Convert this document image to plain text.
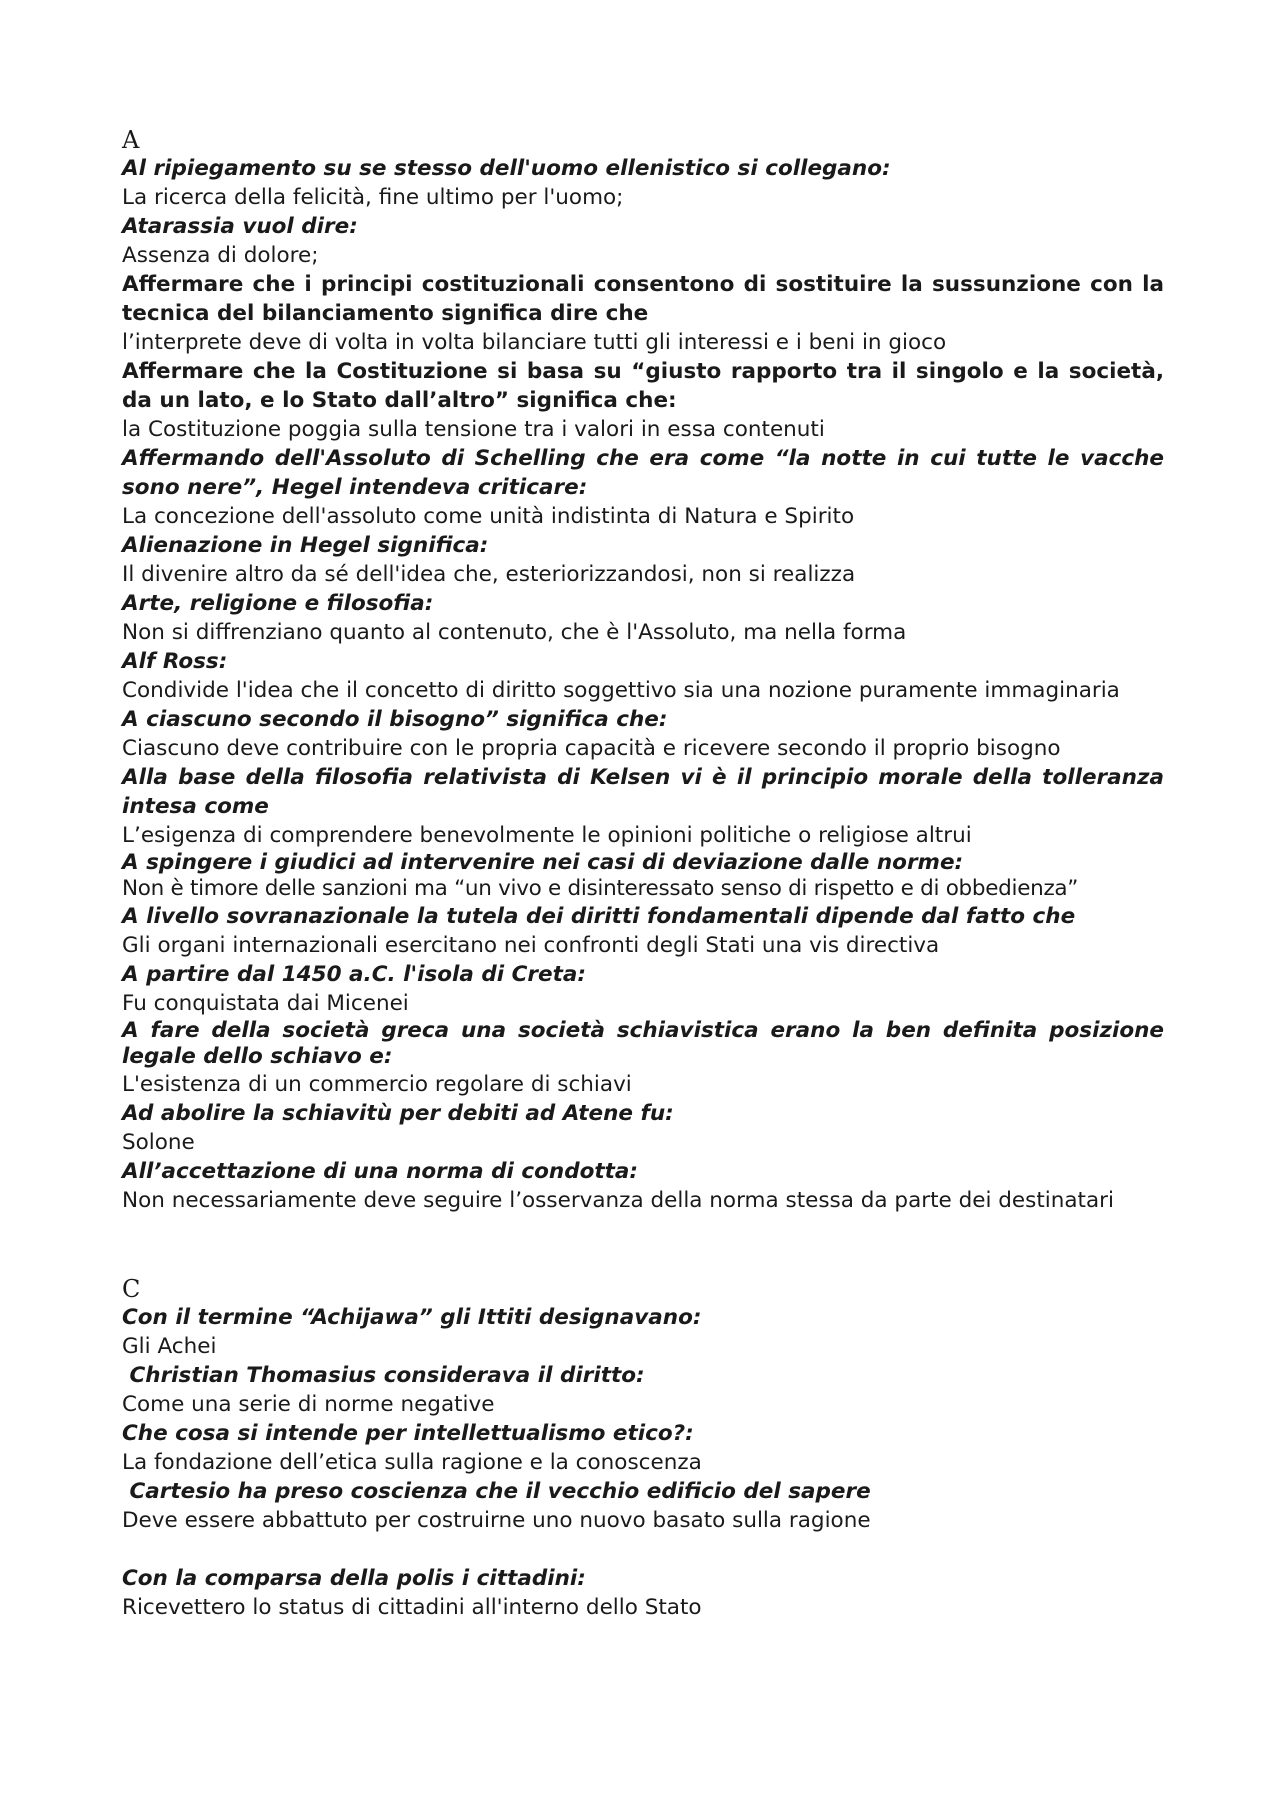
A
Al ripiegamento su se stesso dell'uomo ellenistico si collegano:
La ricerca della felicità, fine ultimo per l'uomo;
Atarassia vuol dire:
Assenza di dolore;
Affermare che i principi costituzionali consentono di sostituire la sussunzione con la tecnica del bilanciamento significa dire che
l’interprete deve di volta in volta bilanciare tutti gli interessi e i beni in gioco
Affermare che la Costituzione si basa su “giusto rapporto tra il singolo e la società, da un lato, e lo Stato dall’altro” significa che:
la Costituzione poggia sulla tensione tra i valori in essa contenuti
Affermando dell'Assoluto di Schelling che era come “la notte in cui tutte le vacche sono nere”, Hegel intendeva criticare:
La concezione dell'assoluto come unità indistinta di Natura e Spirito
Alienazione in Hegel significa:
Il divenire altro da sé dell'idea che, esteriorizzandosi, non si realizza
Arte, religione e filosofia:
Non si diffrenziano quanto al contenuto, che è l'Assoluto, ma nella forma
Alf Ross:
Condivide l'idea che il concetto di diritto soggettivo sia una nozione puramente immaginaria
A ciascuno secondo il bisogno” significa che:
Ciascuno deve contribuire con le propria capacità e ricevere secondo il proprio bisogno
Alla base della filosofia relativista di Kelsen vi è il principio morale della tolleranza intesa come
L’esigenza di comprendere benevolmente le opinioni politiche o religiose altrui
A spingere i giudici ad intervenire nei casi di deviazione dalle norme:
Non è timore delle sanzioni ma “un vivo e disinteressato senso di rispetto e di obbedienza”
A livello sovranazionale la tutela dei diritti fondamentali dipende dal fatto che
Gli organi internazionali esercitano nei confronti degli Stati una vis directiva
A partire dal 1450 a.C. l'isola di Creta:
Fu conquistata dai Micenei
A fare della società greca una società schiavistica erano la ben definita posizione legale dello schiavo e:
L'esistenza di un commercio regolare di schiavi
Ad abolire la schiavitù per debiti ad Atene fu:
Solone
All’accettazione di una norma di condotta:
Non necessariamente deve seguire l’osservanza della norma stessa da parte dei destinatari
C
Con il termine “Achijawa” gli Ittiti designavano:
Gli Achei
Christian Thomasius considerava il diritto:
Come una serie di norme negative
Che cosa si intende per intellettualismo etico?:
La fondazione dell’etica sulla ragione e la conoscenza
Cartesio ha preso coscienza che il vecchio edificio del sapere
Deve essere abbattuto per costruirne uno nuovo basato sulla ragione
Con la comparsa della polis i cittadini:
Ricevettero lo status di cittadini all'interno dello Stato
